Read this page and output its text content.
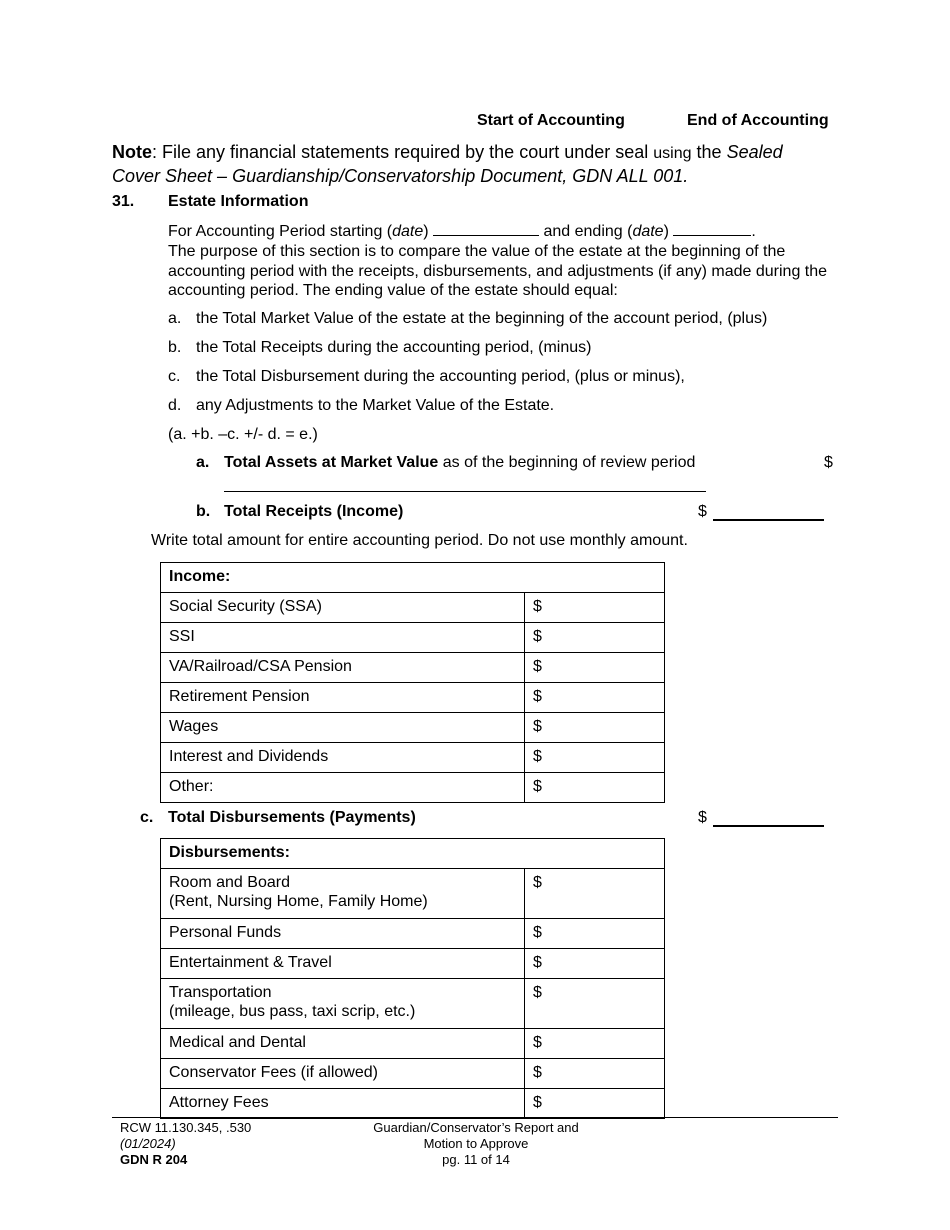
Start of Accounting	End of Accounting
Note: File any financial statements required by the court under seal using the Sealed Cover Sheet – Guardianship/Conservatorship Document, GDN ALL 001.
31. Estate Information
For Accounting Period starting (date)	and ending (date)	.
The purpose of this section is to compare the value of the estate at the beginning of the accounting period with the receipts, disbursements, and adjustments (if any) made during the accounting period. The ending value of the estate should equal:
a. the Total Market Value of the estate at the beginning of the account period, (plus)
b. the Total Receipts during the accounting period, (minus)
c. the Total Disbursement during the accounting period, (plus or minus),
d. any Adjustments to the Market Value of the Estate.
(a. +b. –c. +/- d. = e.)
a. Total Assets at Market Value as of the beginning of review period	$
b. Total Receipts (Income)	$
Write total amount for entire accounting period. Do not use monthly amount.
Income:	
Social Security (SSA)	$
SSI	$
VA/Railroad/CSA Pension	$
Retirement Pension	$
Wages	$
Interest and Dividends	$
Other:	$
c. Total Disbursements (Payments)	$
Disbursements:	

Room and Board
(Rent, Nursing Home, Family Home)	$
Personal Funds	$
Entertainment & Travel	$

Transportation
(mileage, bus pass, taxi scrip, etc.)	$
Medical and Dental	$
Conservator Fees (if allowed)	$
Attorney Fees	$
RCW 11.130.345, .530
(01/2024)
GDN R 204
Guardian/Conservator’s Report and
Motion to Approve
pg. 11 of 14
